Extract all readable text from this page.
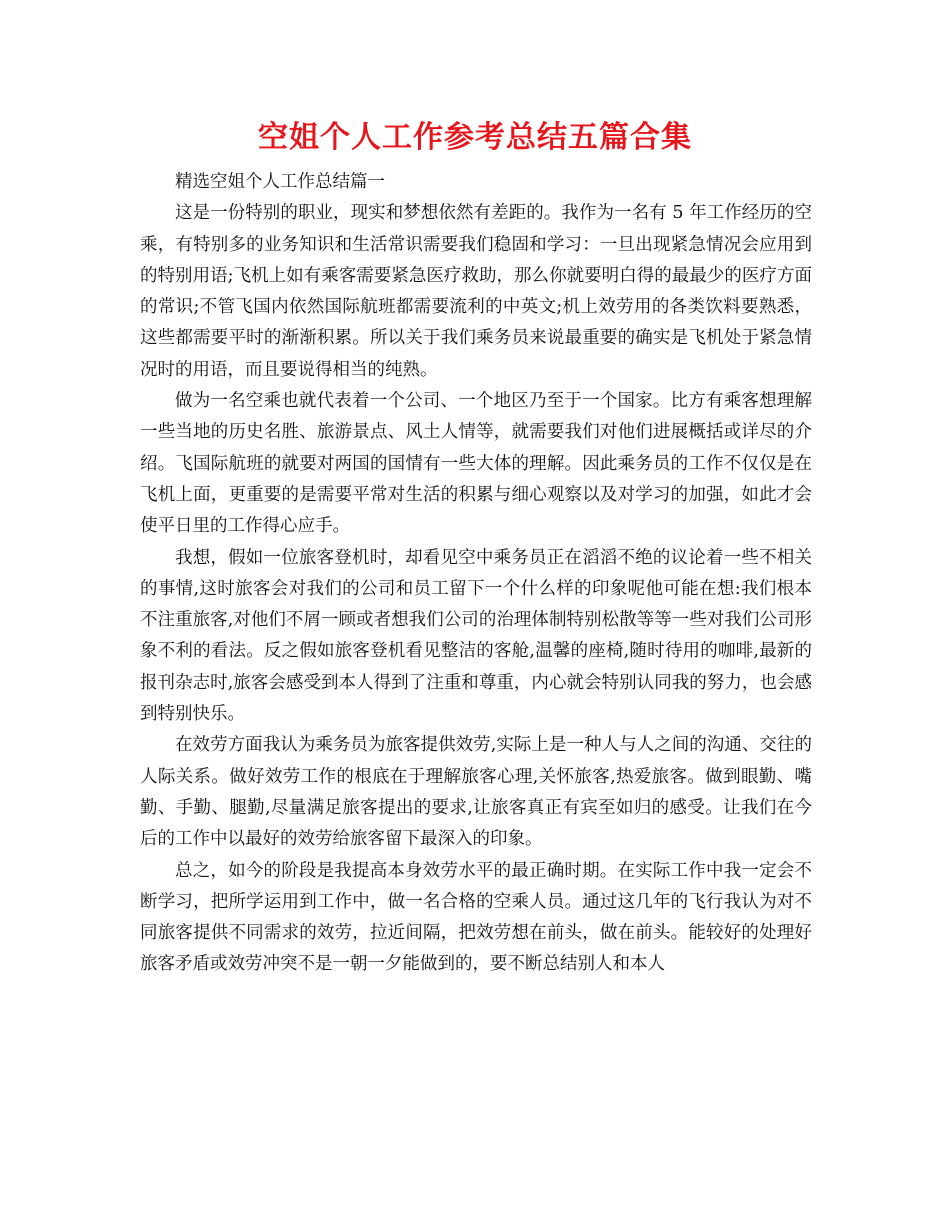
空姐个人工作参考总结五篇合集

精选空姐个人工作总结篇一

这是一份特别的职业，现实和梦想依然有差距的。我作为一名有 5 年工作经历的空乘，有特别多的业务知识和生活常识需要我们稳固和学习：一旦出现紧急情况会应用到的特别用语;飞机上如有乘客需要紧急医疗救助，那么你就要明白得的最最少的医疗方面的常识;不管飞国内依然国际航班都需要流利的中英文;机上效劳用的各类饮料要熟悉，这些都需要平时的渐渐积累。所以关于我们乘务员来说最重要的确实是飞机处于紧急情况时的用语，而且要说得相当的纯熟。

做为一名空乘也就代表着一个公司、一个地区乃至于一个国家。比方有乘客想理解一些当地的历史名胜、旅游景点、风土人情等，就需要我们对他们进展概括或详尽的介绍。飞国际航班的就要对两国的国情有一些大体的理解。因此乘务员的工作不仅仅是在飞机上面，更重要的是需要平常对生活的积累与细心观察以及对学习的加强，如此才会使平日里的工作得心应手。

我想，假如一位旅客登机时，却看见空中乘务员正在滔滔不绝的议论着一些不相关的事情,这时旅客会对我们的公司和员工留下一个什么样的印象呢他可能在想:我们根本不注重旅客,对他们不屑一顾或者想我们公司的治理体制特别松散等等一些对我们公司形象不利的看法。反之假如旅客登机看见整洁的客舱,温馨的座椅,随时待用的咖啡,最新的报刊杂志时,旅客会感受到本人得到了注重和尊重，内心就会特别认同我的努力，也会感到特别快乐。

在效劳方面我认为乘务员为旅客提供效劳,实际上是一种人与人之间的沟通、交往的人际关系。做好效劳工作的根底在于理解旅客心理,关怀旅客,热爱旅客。做到眼勤、嘴勤、手勤、腿勤,尽量满足旅客提出的要求,让旅客真正有宾至如归的感受。让我们在今后的工作中以最好的效劳给旅客留下最深入的印象。

总之，如今的阶段是我提高本身效劳水平的最正确时期。在实际工作中我一定会不断学习，把所学运用到工作中，做一名合格的空乘人员。通过这几年的飞行我认为对不同旅客提供不同需求的效劳，拉近间隔，把效劳想在前头，做在前头。能较好的处理好旅客矛盾或效劳冲突不是一朝一夕能做到的，要不断总结别人和本人
